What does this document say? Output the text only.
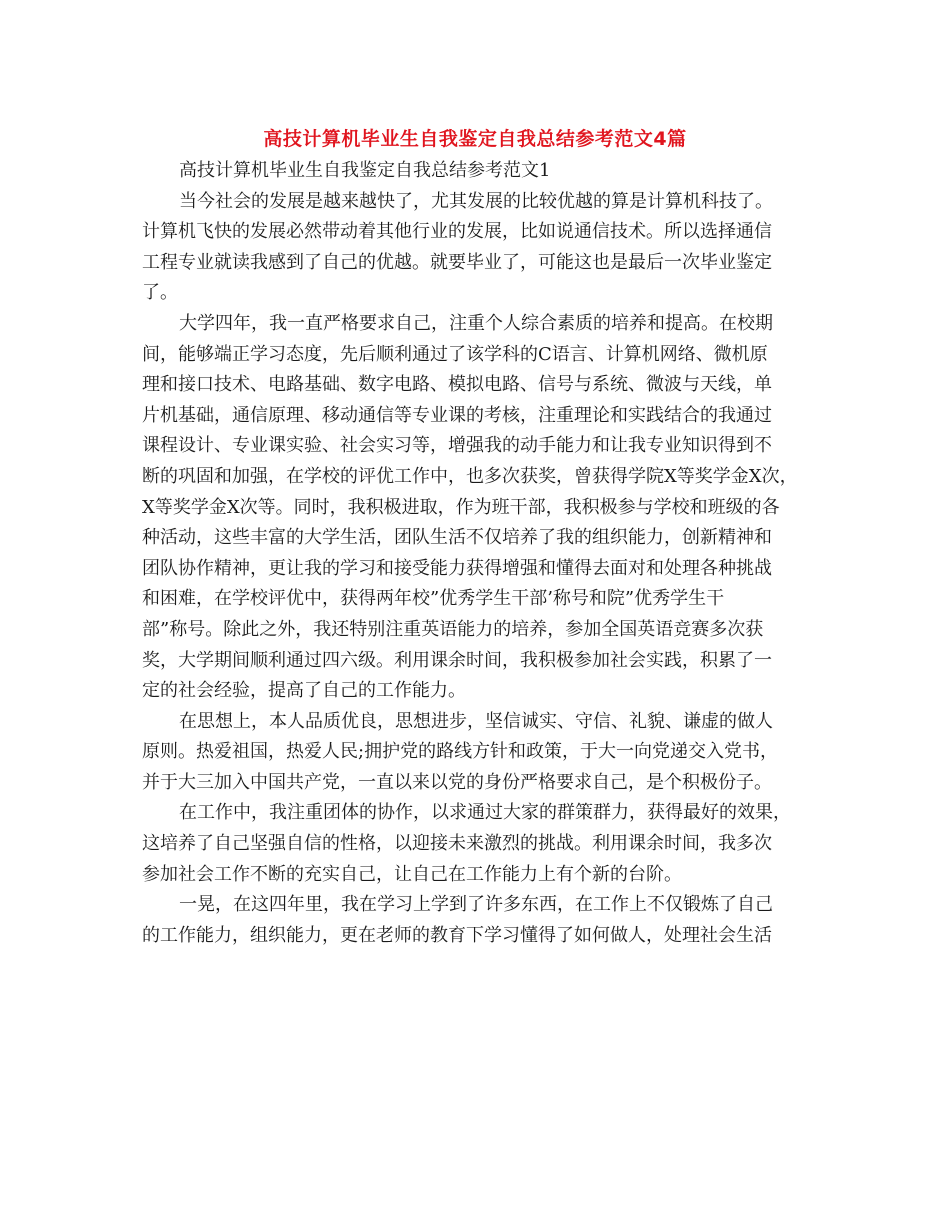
高技计算机毕业生自我鉴定自我总结参考范文4篇
高技计算机毕业生自我鉴定自我总结参考范文1
当今社会的发展是越来越快了，尤其发展的比较优越的算是计算机科技了。
计算机飞快的发展必然带动着其他行业的发展，比如说通信技术。所以选择通信
工程专业就读我感到了自己的优越。就要毕业了，可能这也是最后一次毕业鉴定
了。
大学四年，我一直严格要求自己，注重个人综合素质的培养和提高。在校期
间，能够端正学习态度，先后顺利通过了该学科的C语言、计算机网络、微机原
理和接口技术、电路基础、数字电路、模拟电路、信号与系统、微波与天线，单
片机基础，通信原理、移动通信等专业课的考核，注重理论和实践结合的我通过
课程设计、专业课实验、社会实习等，增强我的动手能力和让我专业知识得到不
断的巩固和加强，在学校的评优工作中，也多次获奖，曾获得学院X等奖学金X次，
X等奖学金X次等。同时，我积极进取，作为班干部，我积极参与学校和班级的各
种活动，这些丰富的大学生活，团队生活不仅培养了我的组织能力，创新精神和
团队协作精神，更让我的学习和接受能力获得增强和懂得去面对和处理各种挑战
和困难，在学校评优中，获得两年校”优秀学生干部’称号和院”优秀学生干
部”称号。除此之外，我还特别注重英语能力的培养，参加全国英语竞赛多次获
奖，大学期间顺利通过四六级。利用课余时间，我积极参加社会实践，积累了一
定的社会经验，提高了自己的工作能力。
在思想上，本人品质优良，思想进步，坚信诚实、守信、礼貌、谦虚的做人
原则。热爱祖国，热爱人民;拥护党的路线方针和政策，于大一向党递交入党书，
并于大三加入中国共产党，一直以来以党的身份严格要求自己，是个积极份子。
在工作中，我注重团体的协作，以求通过大家的群策群力，获得最好的效果，
这培养了自己坚强自信的性格，以迎接未来激烈的挑战。利用课余时间，我多次
参加社会工作不断的充实自己，让自己在工作能力上有个新的台阶。
一晃，在这四年里，我在学习上学到了许多东西，在工作上不仅锻炼了自己
的工作能力，组织能力，更在老师的教育下学习懂得了如何做人，处理社会生活
